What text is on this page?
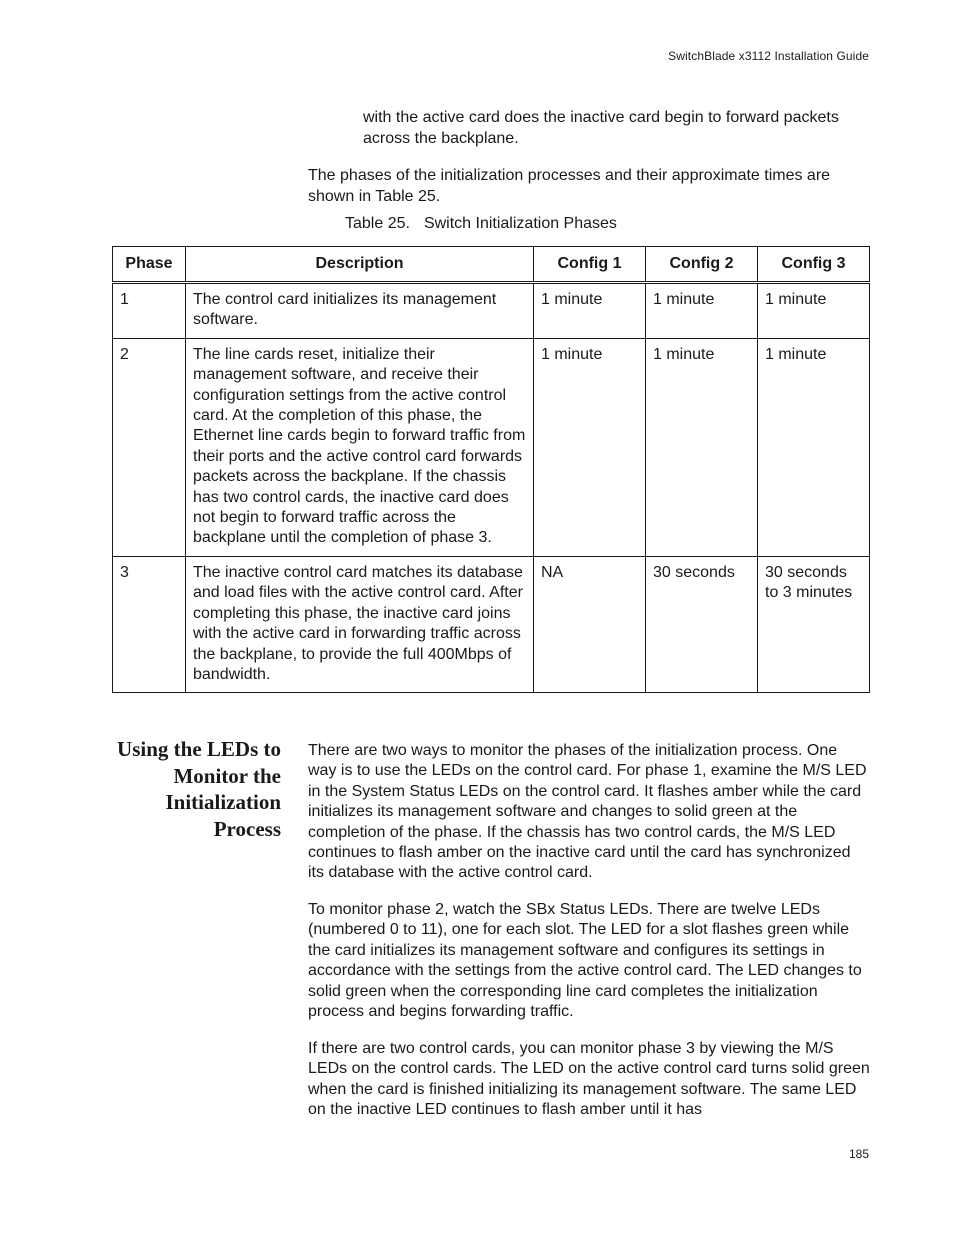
SwitchBlade x3112 Installation Guide

with the active card does the inactive card begin to forward packets across the backplane.

The phases of the initialization processes and their approximate times are shown in Table 25.

Table 25. Switch Initialization Phases

Phase	Description	Config 1	Config 2	Config 3
1	The control card initializes its management software.	1 minute	1 minute	1 minute
2	The line cards reset, initialize their management software, and receive their configuration settings from the active control card. At the completion of this phase, the Ethernet line cards begin to forward traffic from their ports and the active control card forwards packets across the backplane. If the chassis has two control cards, the inactive card does not begin to forward traffic across the backplane until the completion of phase 3.	1 minute	1 minute	1 minute
3	The inactive control card matches its database and load files with the active control card. After completing this phase, the inactive card joins with the active card in forwarding traffic across the backplane, to provide the full 400Mbps of bandwidth.	NA	30 seconds	30 seconds to 3 minutes
Using the LEDs to Monitor the Initialization Process

There are two ways to monitor the phases of the initialization process. One way is to use the LEDs on the control card. For phase 1, examine the M/S LED in the System Status LEDs on the control card. It flashes amber while the card initializes its management software and changes to solid green at the completion of the phase. If the chassis has two control cards, the M/S LED continues to flash amber on the inactive card until the card has synchronized its database with the active control card.

To monitor phase 2, watch the SBx Status LEDs. There are twelve LEDs (numbered 0 to 11), one for each slot. The LED for a slot flashes green while the card initializes its management software and configures its settings in accordance with the settings from the active control card. The LED changes to solid green when the corresponding line card completes the initialization process and begins forwarding traffic.

If there are two control cards, you can monitor phase 3 by viewing the M/S LEDs on the control cards. The LED on the active control card turns solid green when the card is finished initializing its management software. The same LED on the inactive LED continues to flash amber until it has

185
